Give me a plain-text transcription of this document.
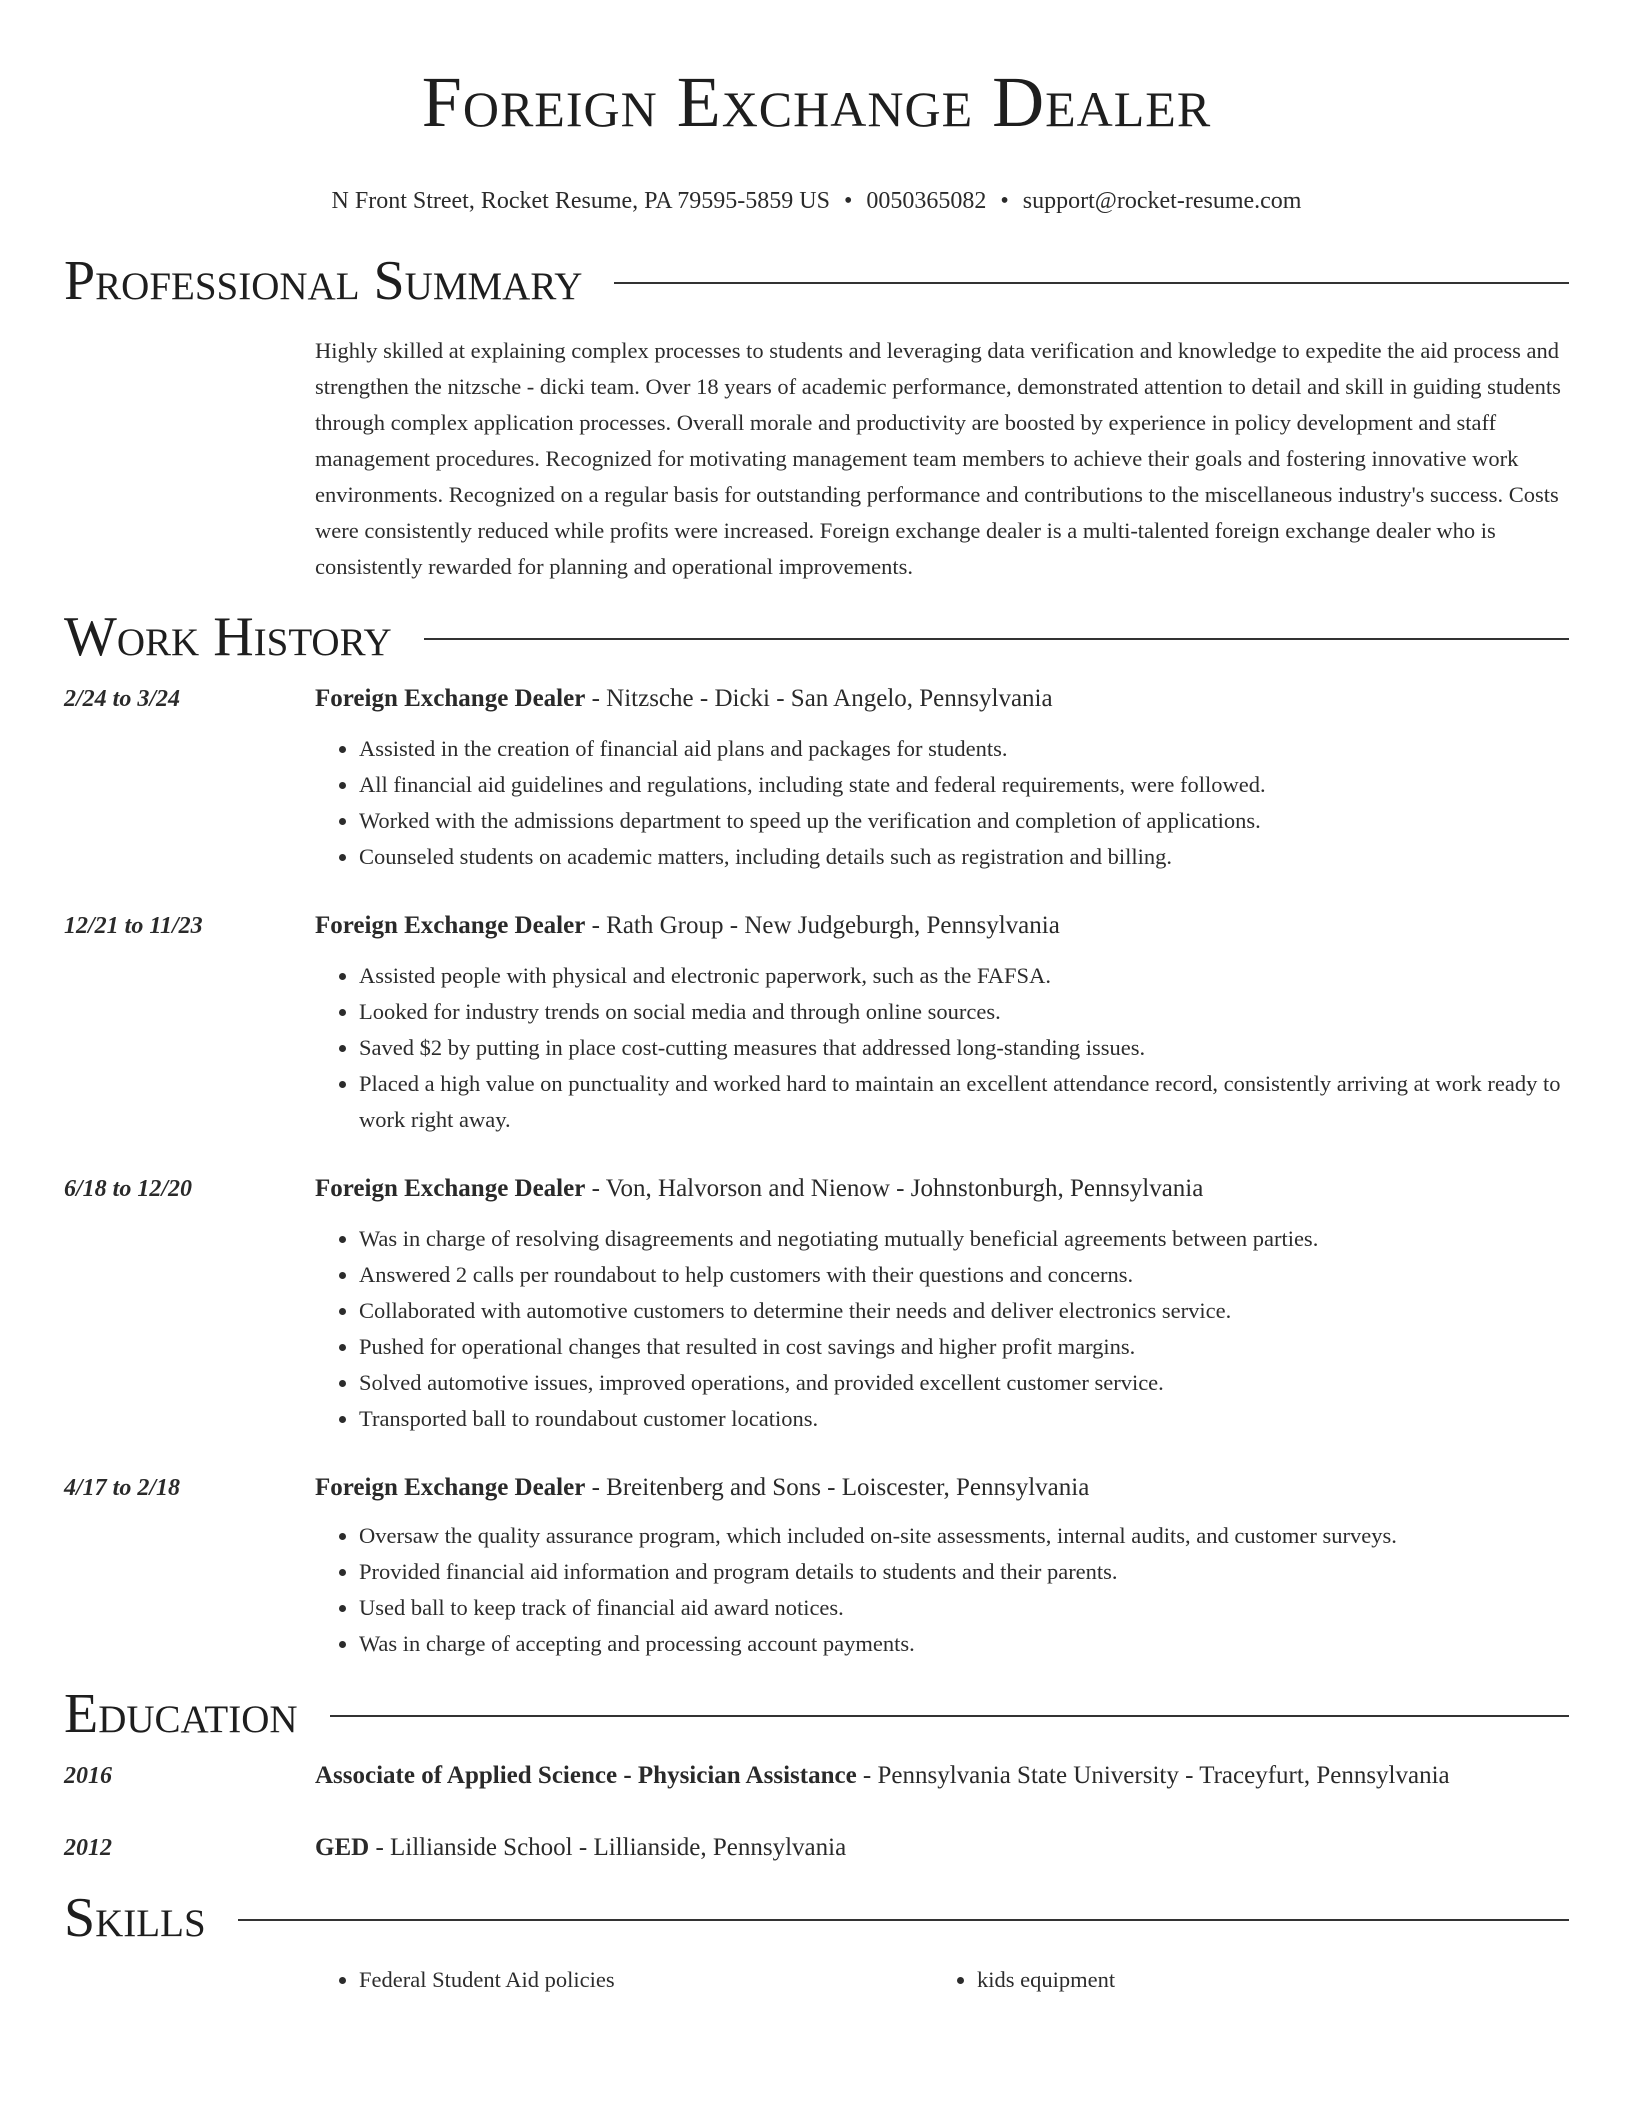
Foreign Exchange Dealer
N Front Street, Rocket Resume, PA 79595-5859 US • 0050365082 • support@rocket-resume.com
Professional Summary
Highly skilled at explaining complex processes to students and leveraging data verification and knowledge to expedite the aid process and strengthen the nitzsche - dicki team. Over 18 years of academic performance, demonstrated attention to detail and skill in guiding students through complex application processes. Overall morale and productivity are boosted by experience in policy development and staff management procedures. Recognized for motivating management team members to achieve their goals and fostering innovative work environments. Recognized on a regular basis for outstanding performance and contributions to the miscellaneous industry's success. Costs were consistently reduced while profits were increased. Foreign exchange dealer is a multi-talented foreign exchange dealer who is consistently rewarded for planning and operational improvements.
Work History
2/24 to 3/24	Foreign Exchange Dealer - Nitzsche - Dicki - San Angelo, Pennsylvania
• Assisted in the creation of financial aid plans and packages for students.
• All financial aid guidelines and regulations, including state and federal requirements, were followed.
• Worked with the admissions department to speed up the verification and completion of applications.
• Counseled students on academic matters, including details such as registration and billing.
12/21 to 11/23	Foreign Exchange Dealer - Rath Group - New Judgeburgh, Pennsylvania
• Assisted people with physical and electronic paperwork, such as the FAFSA.
• Looked for industry trends on social media and through online sources.
• Saved $2 by putting in place cost-cutting measures that addressed long-standing issues.
• Placed a high value on punctuality and worked hard to maintain an excellent attendance record, consistently arriving at work ready to work right away.
6/18 to 12/20	Foreign Exchange Dealer - Von, Halvorson and Nienow - Johnstonburgh, Pennsylvania
• Was in charge of resolving disagreements and negotiating mutually beneficial agreements between parties.
• Answered 2 calls per roundabout to help customers with their questions and concerns.
• Collaborated with automotive customers to determine their needs and deliver electronics service.
• Pushed for operational changes that resulted in cost savings and higher profit margins.
• Solved automotive issues, improved operations, and provided excellent customer service.
• Transported ball to roundabout customer locations.
4/17 to 2/18	Foreign Exchange Dealer - Breitenberg and Sons - Loiscester, Pennsylvania
• Oversaw the quality assurance program, which included on-site assessments, internal audits, and customer surveys.
• Provided financial aid information and program details to students and their parents.
• Used ball to keep track of financial aid award notices.
• Was in charge of accepting and processing account payments.
Education
2016	Associate of Applied Science - Physician Assistance - Pennsylvania State University - Traceyfurt, Pennsylvania
2012	GED - Lillianside School - Lillianside, Pennsylvania
Skills
• Federal Student Aid policies
•	kids equipment
